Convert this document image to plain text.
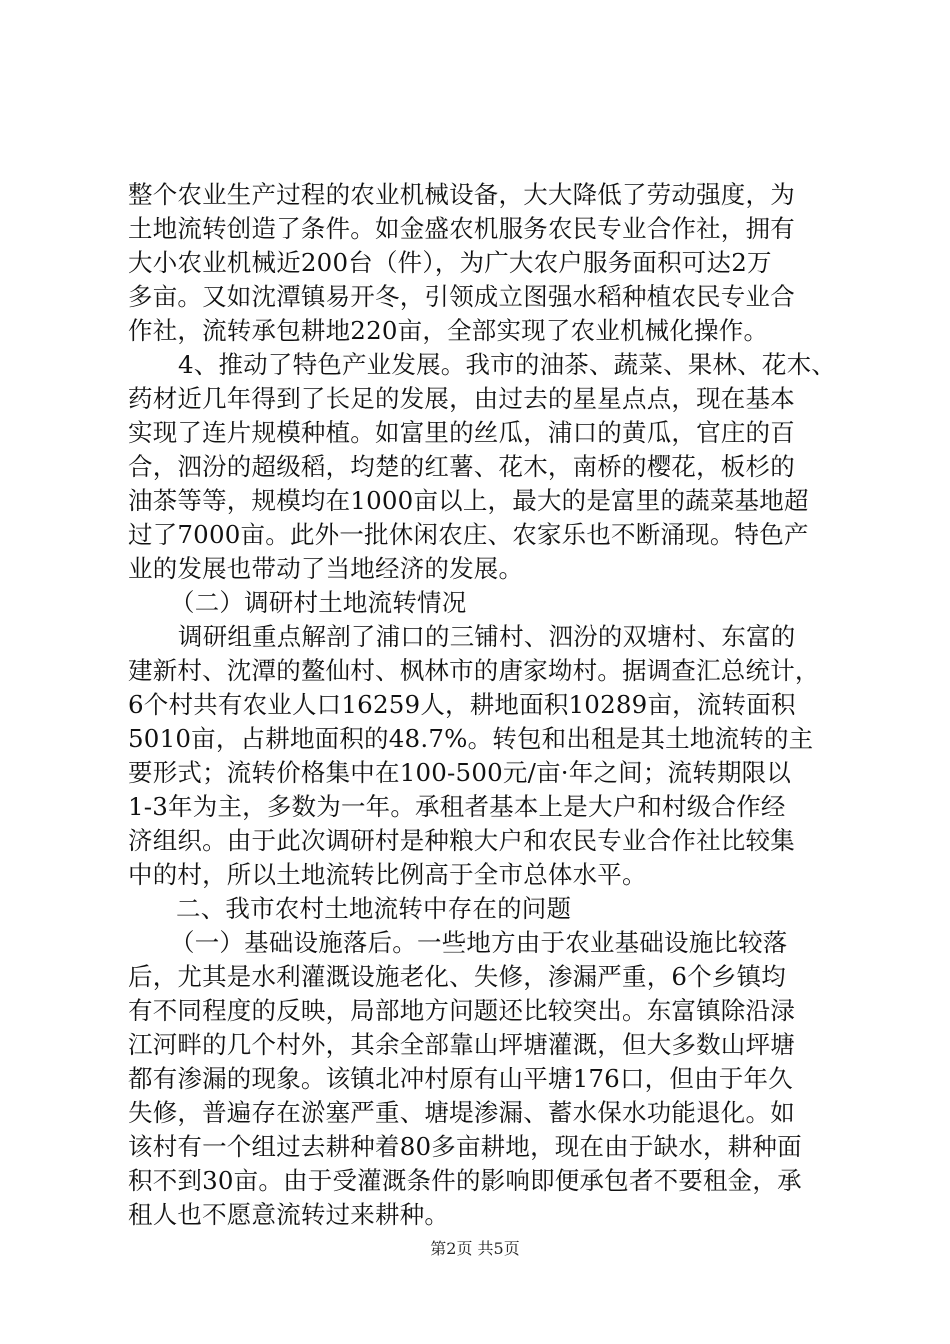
整个农业生产过程的农业机械设备，大大降低了劳动强度，为
土地流转创造了条件。如金盛农机服务农民专业合作社，拥有
大小农业机械近200台（件），为广大农户服务面积可达2万
多亩。又如沈潭镇易开冬，引领成立图强水稻种植农民专业合
作社，流转承包耕地220亩，全部实现了农业机械化操作。
4、推动了特色产业发展。我市的油茶、蔬菜、果林、花木、
药材近几年得到了长足的发展，由过去的星星点点，现在基本
实现了连片规模种植。如富里的丝瓜，浦口的黄瓜，官庄的百
合，泗汾的超级稻，均楚的红薯、花木，南桥的樱花，板杉的
油茶等等，规模均在1000亩以上，最大的是富里的蔬菜基地超
过了7000亩。此外一批休闲农庄、农家乐也不断涌现。特色产
业的发展也带动了当地经济的发展。
（二）调研村土地流转情况
调研组重点解剖了浦口的三铺村、泗汾的双塘村、东富的
建新村、沈潭的鳌仙村、枫林市的唐家坳村。据调查汇总统计，
6个村共有农业人口16259人，耕地面积10289亩，流转面积
5010亩，占耕地面积的48.7%。转包和出租是其土地流转的主
要形式；流转价格集中在100-500元/亩·年之间；流转期限以
1-3年为主，多数为一年。承租者基本上是大户和村级合作经
济组织。由于此次调研村是种粮大户和农民专业合作社比较集
中的村，所以土地流转比例高于全市总体水平。
二、我市农村土地流转中存在的问题
（一）基础设施落后。一些地方由于农业基础设施比较落
后，尤其是水利灌溉设施老化、失修，渗漏严重，6个乡镇均
有不同程度的反映，局部地方问题还比较突出。东富镇除沿渌
江河畔的几个村外，其余全部靠山坪塘灌溉，但大多数山坪塘
都有渗漏的现象。该镇北冲村原有山平塘176口，但由于年久
失修，普遍存在淤塞严重、塘堤渗漏、蓄水保水功能退化。如
该村有一个组过去耕种着80多亩耕地，现在由于缺水，耕种面
积不到30亩。由于受灌溉条件的影响即便承包者不要租金，承
租人也不愿意流转过来耕种。
第2页 共5页
